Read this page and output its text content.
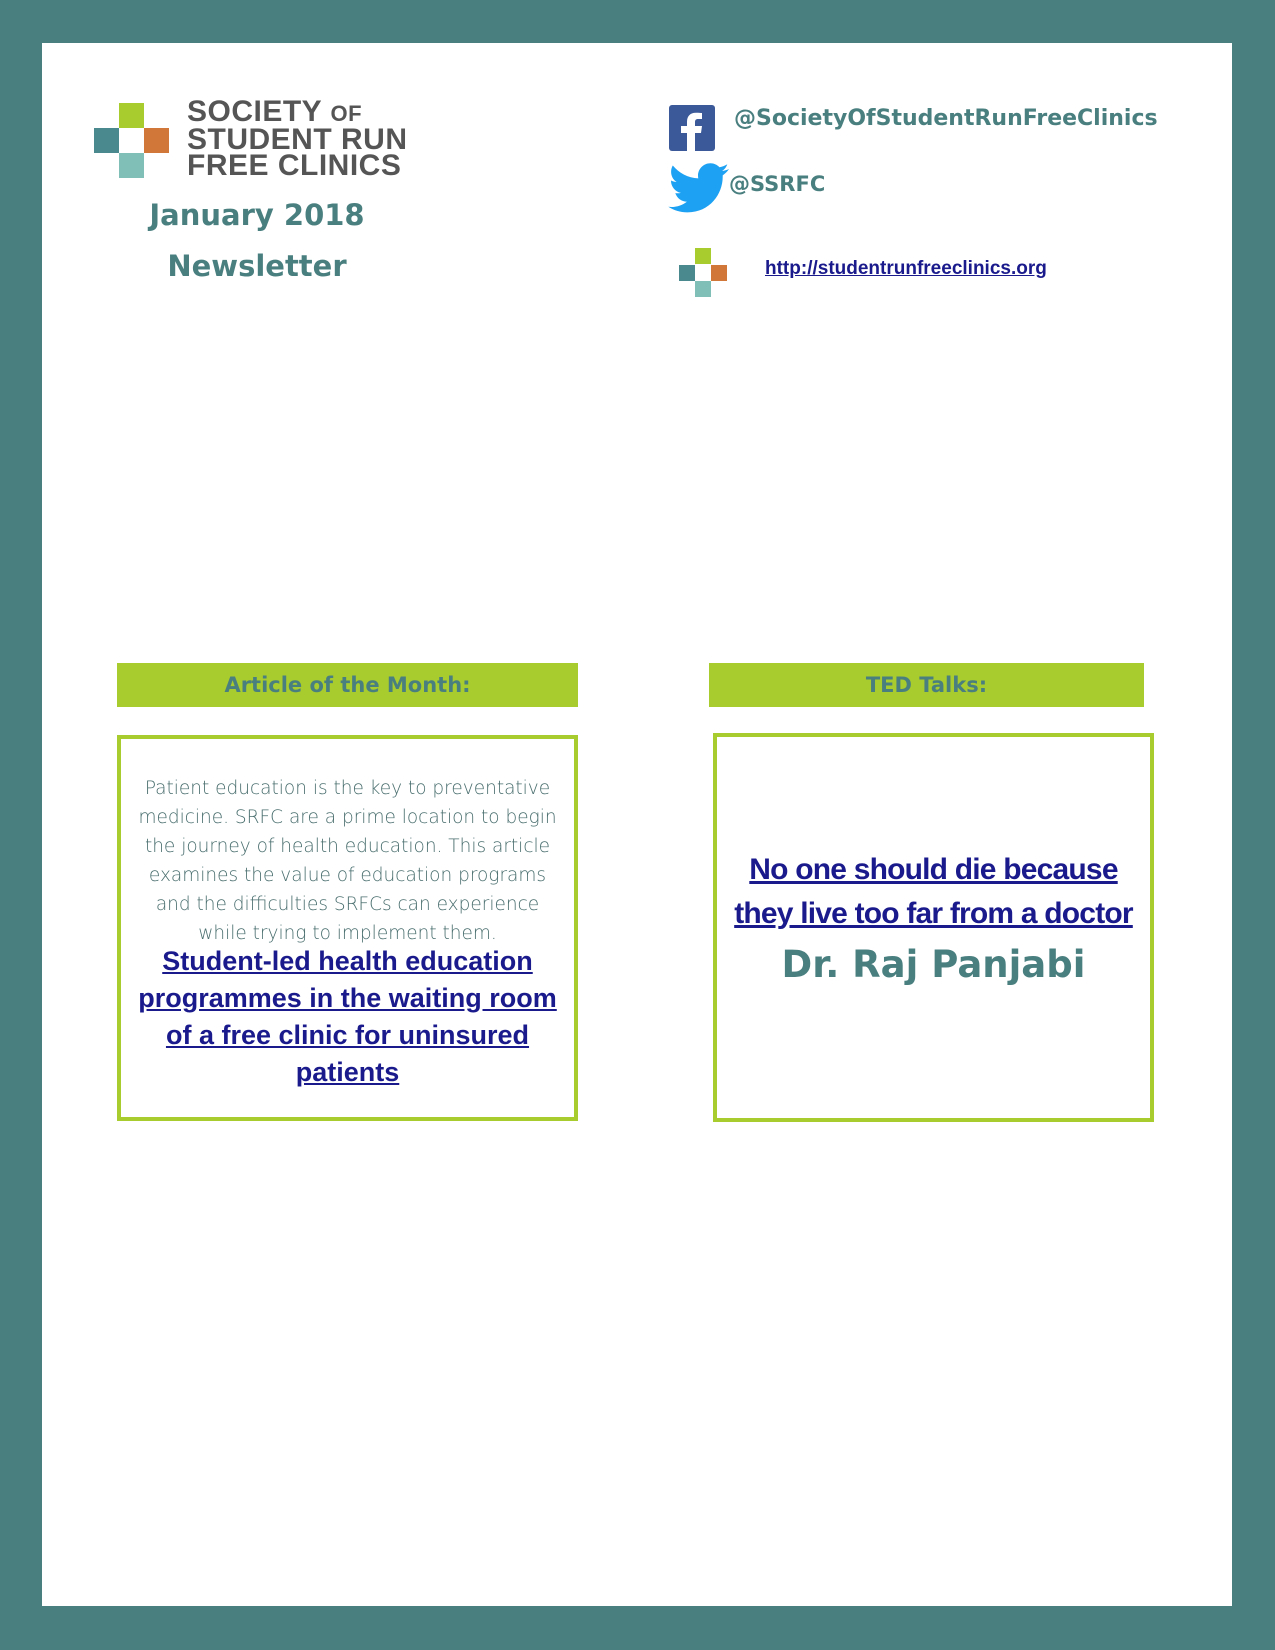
SOCIETY OF
STUDENT RUN
FREE CLINICS
January 2018
Newsletter
@SocietyOfStudentRunFreeClinics
@SSRFC
http://studentrunfreeclinics.org
Article of the Month:
Patient education is the key to preventative medicine. SRFC are a prime location to begin the journey of health education. This article examines the value of education programs and the difficulties SRFCs can experience while trying to implement them.
Student-led health education programmes in the waiting room of a free clinic for uninsured patients
TED Talks:
No one should die because they live too far from a doctor
Dr. Raj Panjabi
